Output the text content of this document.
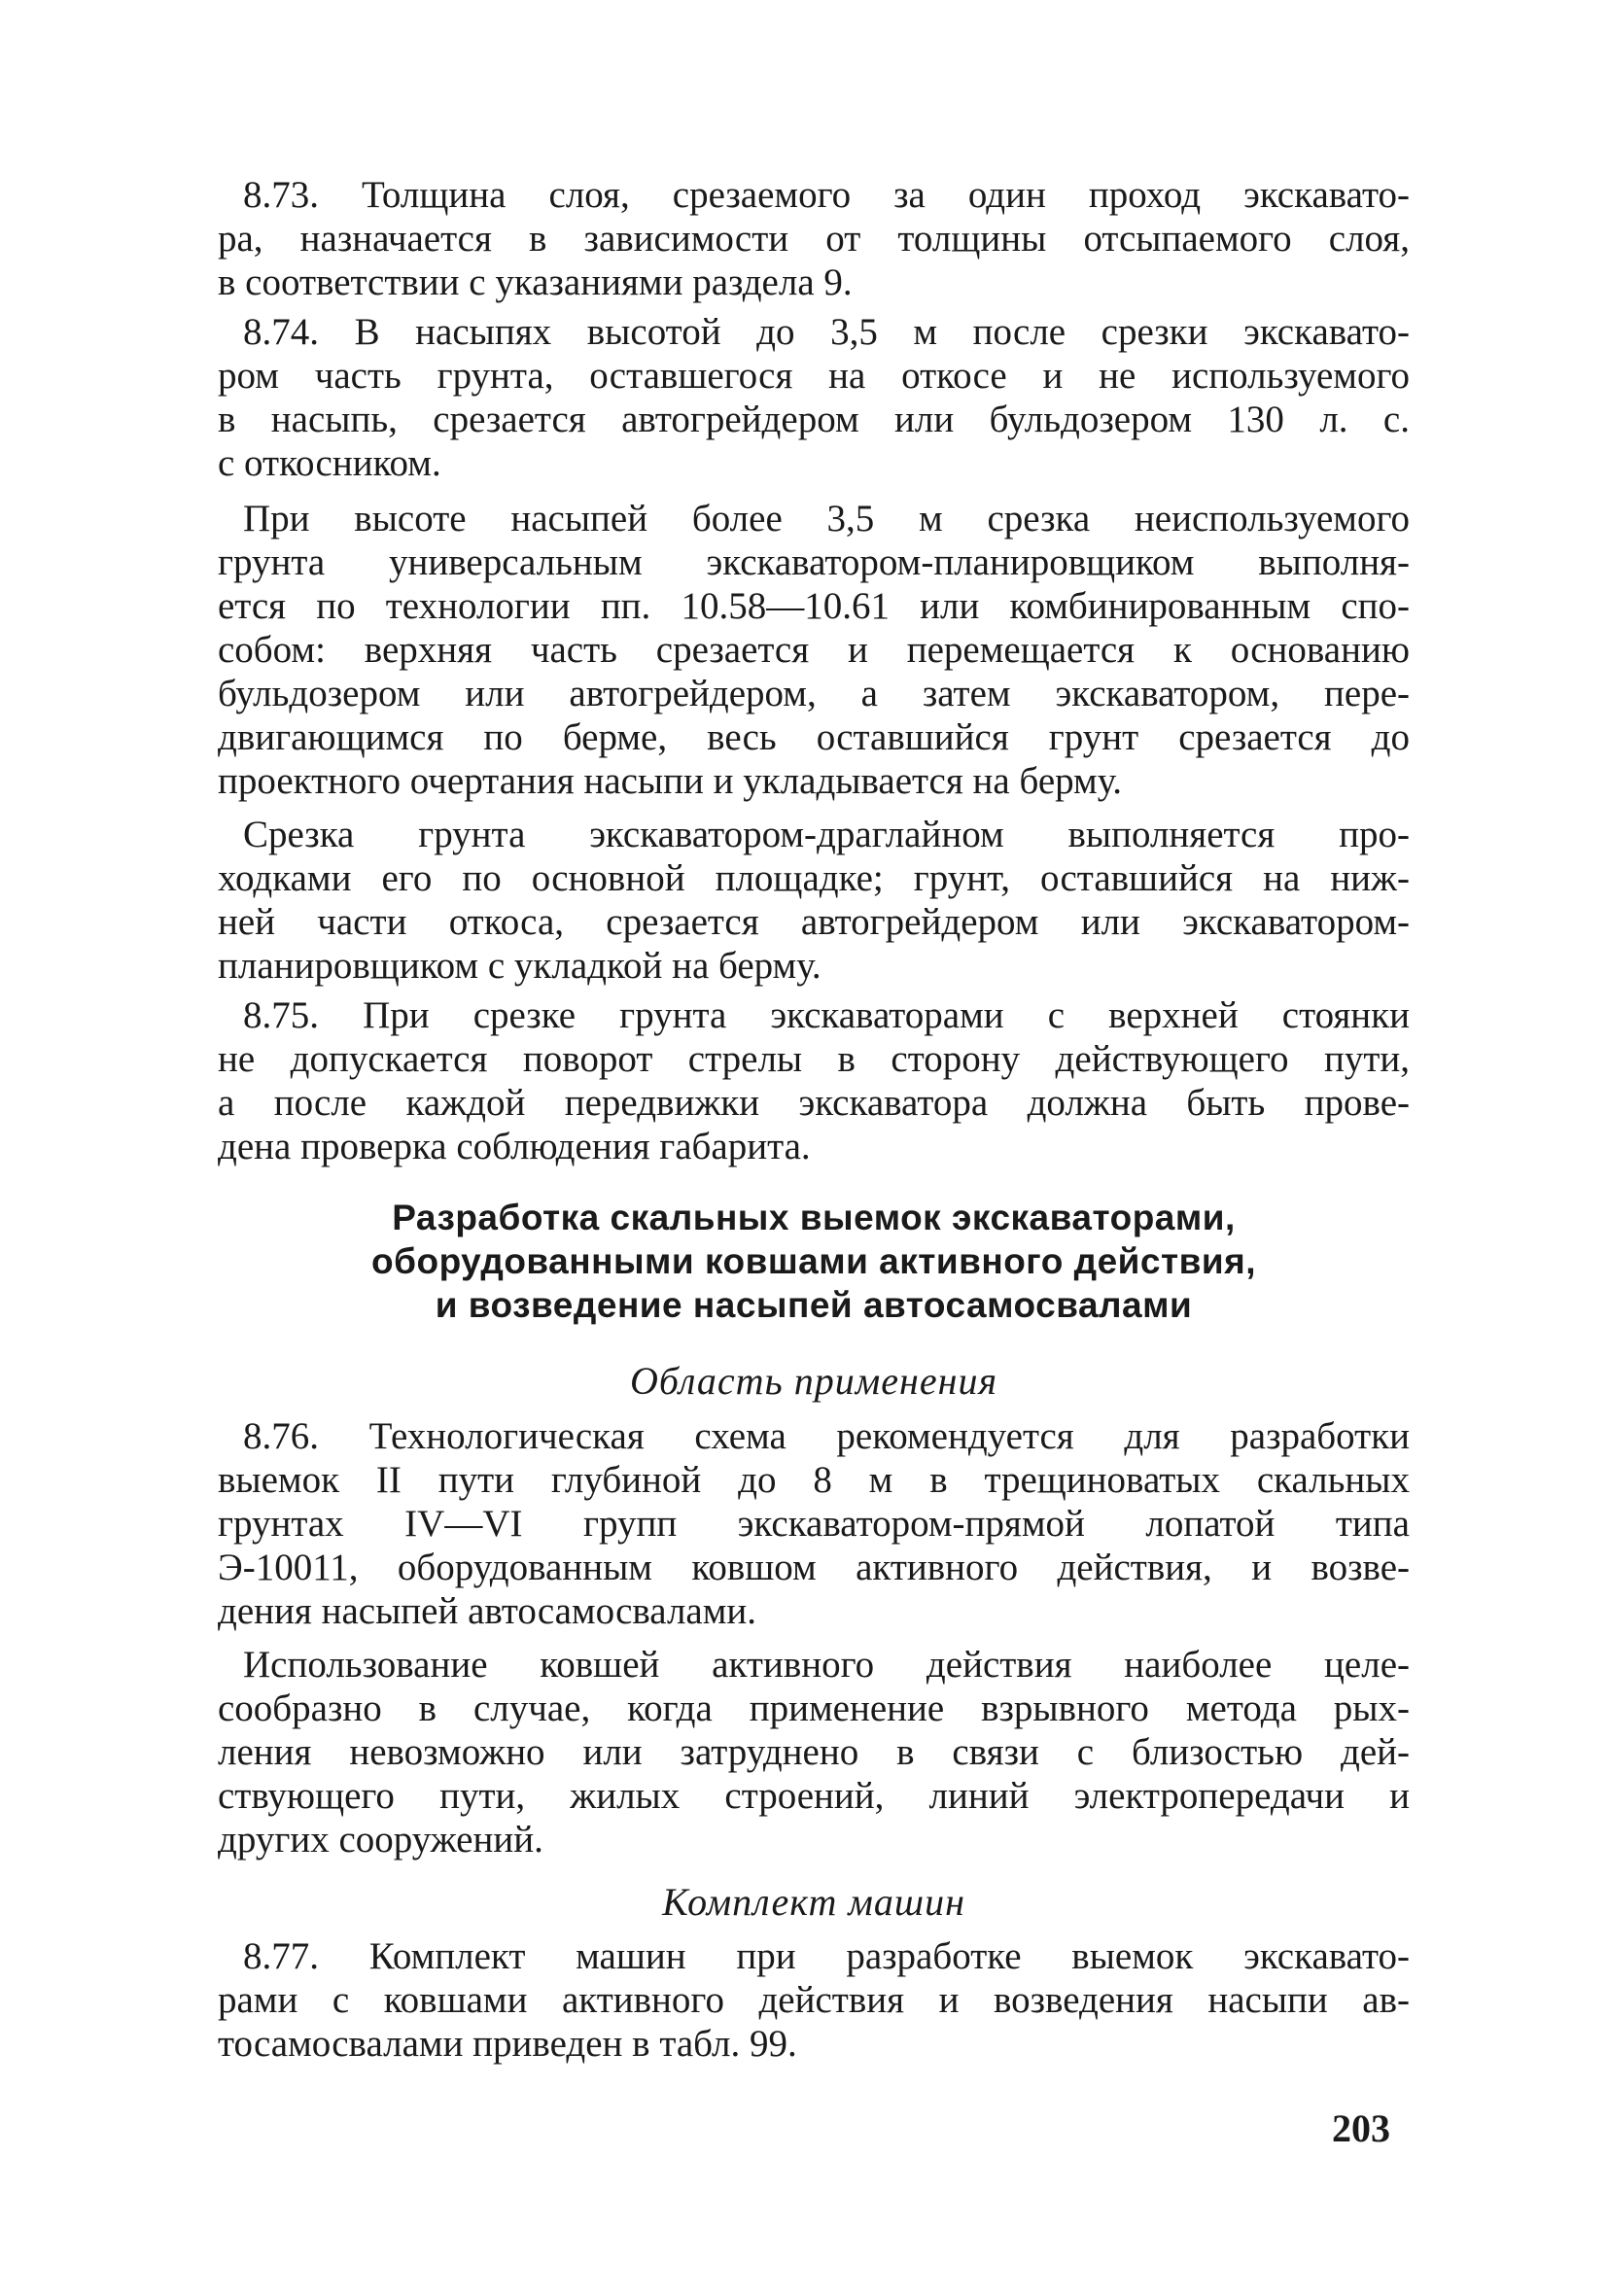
8.73. Толщина слоя, срезаемого за один проход экскавато-
ра, назначается в зависимости от толщины отсыпаемого слоя,
в соответствии с указаниями раздела 9.
8.74. В насыпях высотой до 3,5 м после срезки экскавато-
ром часть грунта, оставшегося на откосе и не используемого
в насыпь, срезается автогрейдером или бульдозером 130 л. с.
с откосником.
При высоте насыпей более 3,5 м срезка неиспользуемого
грунта универсальным экскаватором-планировщиком выполня-
ется по технологии пп. 10.58—10.61 или комбинированным спо-
собом: верхняя часть срезается и перемещается к основанию
бульдозером или автогрейдером, а затем экскаватором, пере-
двигающимся по берме, весь оставшийся грунт срезается до
проектного очертания насыпи и укладывается на берму.
Срезка грунта экскаватором-драглайном выполняется про-
ходками его по основной площадке; грунт, оставшийся на ниж-
ней части откоса, срезается автогрейдером или экскаватором-
планировщиком с укладкой на берму.
8.75. При срезке грунта экскаваторами с верхней стоянки
не допускается поворот стрелы в сторону действующего пути,
а после каждой передвижки экскаватора должна быть прове-
дена проверка соблюдения габарита.
Разработка скальных выемок экскаваторами,
оборудованными ковшами активного действия,
и возведение насыпей автосамосвалами
Область применения
8.76. Технологическая схема рекомендуется для разработки
выемок II пути глубиной до 8 м в трещиноватых скальных
грунтах IV—VI групп экскаватором-прямой лопатой типа
Э-10011, оборудованным ковшом активного действия, и возве-
дения насыпей автосамосвалами.
Использование ковшей активного действия наиболее целе-
сообразно в случае, когда применение взрывного метода рых-
ления невозможно или затруднено в связи с близостью дей-
ствующего пути, жилых строений, линий электропередачи и
других сооружений.
Комплект машин
8.77. Комплект машин при разработке выемок экскавато-
рами с ковшами активного действия и возведения насыпи ав-
тосамосвалами приведен в табл. 99.
203
